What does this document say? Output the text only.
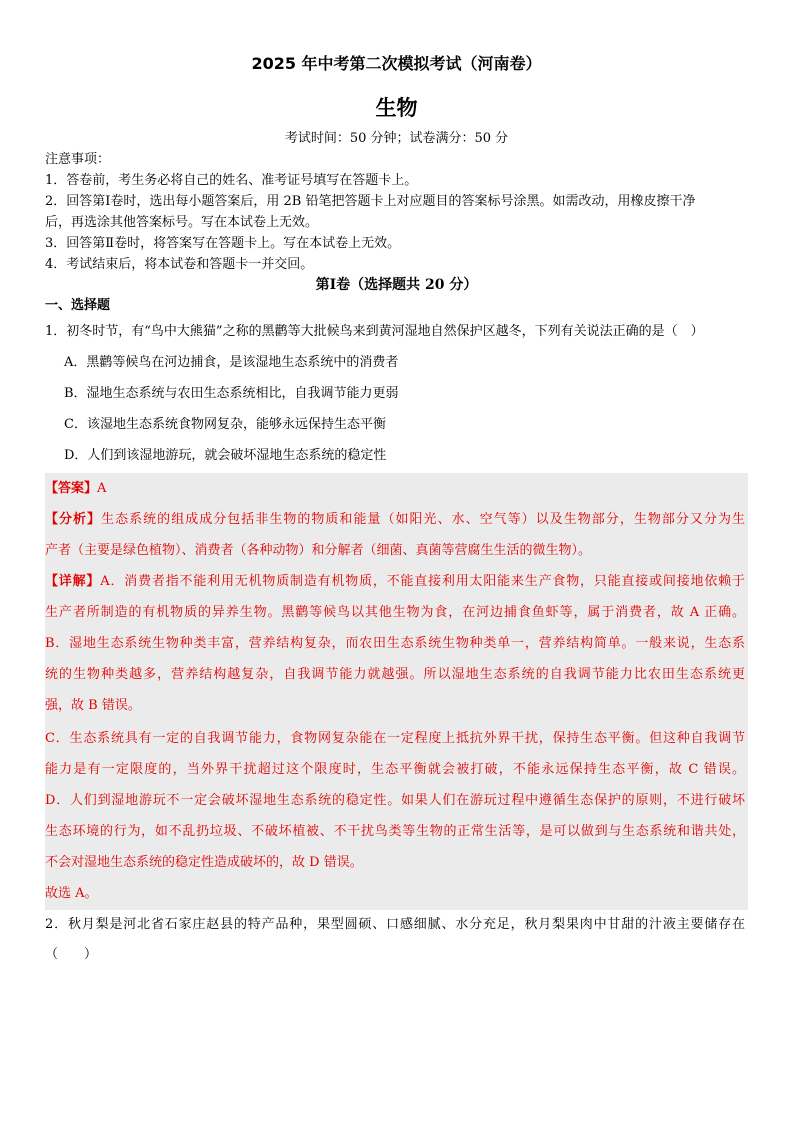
2025 年中考第二次模拟考试（河南卷）
生物
考试时间：50 分钟；试卷满分：50 分
注意事项：
1．答卷前，考生务必将自己的姓名、准考证号填写在答题卡上。
2．回答第Ⅰ卷时，选出每小题答案后，用 2B 铅笔把答题卡上对应题目的答案标号涂黑。如需改动，用橡皮擦干净
后，再选涂其他答案标号。写在本试卷上无效。
3．回答第Ⅱ卷时，将答案写在答题卡上。写在本试卷上无效。
4．考试结束后，将本试卷和答题卡一并交回。
第Ⅰ卷（选择题共 20 分）
一、选择题
1．初冬时节，有“鸟中大熊猫”之称的黑鹳等大批候鸟来到黄河湿地自然保护区越冬，下列有关说法正确的是（　）
A．黑鹳等候鸟在河边捕食，是该湿地生态系统中的消费者
B．湿地生态系统与农田生态系统相比，自我调节能力更弱
C．该湿地生态系统食物网复杂，能够永远保持生态平衡
D．人们到该湿地游玩，就会破坏湿地生态系统的稳定性
【答案】A
【分析】生态系统的组成成分包括非生物的物质和能量（如阳光、水、空气等）以及生物部分，生物部分又分为生
产者（主要是绿色植物）、消费者（各种动物）和分解者（细菌、真菌等营腐生生活的微生物）。
【详解】A．消费者指不能利用无机物质制造有机物质，不能直接利用太阳能来生产食物，只能直接或间接地依赖于
生产者所制造的有机物质的异养生物。黑鹳等候鸟以其他生物为食，在河边捕食鱼虾等，属于消费者，故 A 正确。
B．湿地生态系统生物种类丰富，营养结构复杂，而农田生态系统生物种类单一，营养结构简单。一般来说，生态系
统的生物种类越多，营养结构越复杂，自我调节能力就越强。所以湿地生态系统的自我调节能力比农田生态系统更
强，故 B 错误。
C．生态系统具有一定的自我调节能力，食物网复杂能在一定程度上抵抗外界干扰，保持生态平衡。但这种自我调节
能力是有一定限度的，当外界干扰超过这个限度时，生态平衡就会被打破，不能永远保持生态平衡，故 C 错误。
D．人们到湿地游玩不一定会破坏湿地生态系统的稳定性。如果人们在游玩过程中遵循生态保护的原则，不进行破坏
生态环境的行为，如不乱扔垃圾、不破坏植被、不干扰鸟类等生物的正常生活等，是可以做到与生态系统和谐共处，
不会对湿地生态系统的稳定性造成破坏的，故 D 错误。
故选 A。
2．秋月梨是河北省石家庄赵县的特产品种，果型圆硕、口感细腻、水分充足，秋月梨果肉中甘甜的汁液主要储存在
（　　）
